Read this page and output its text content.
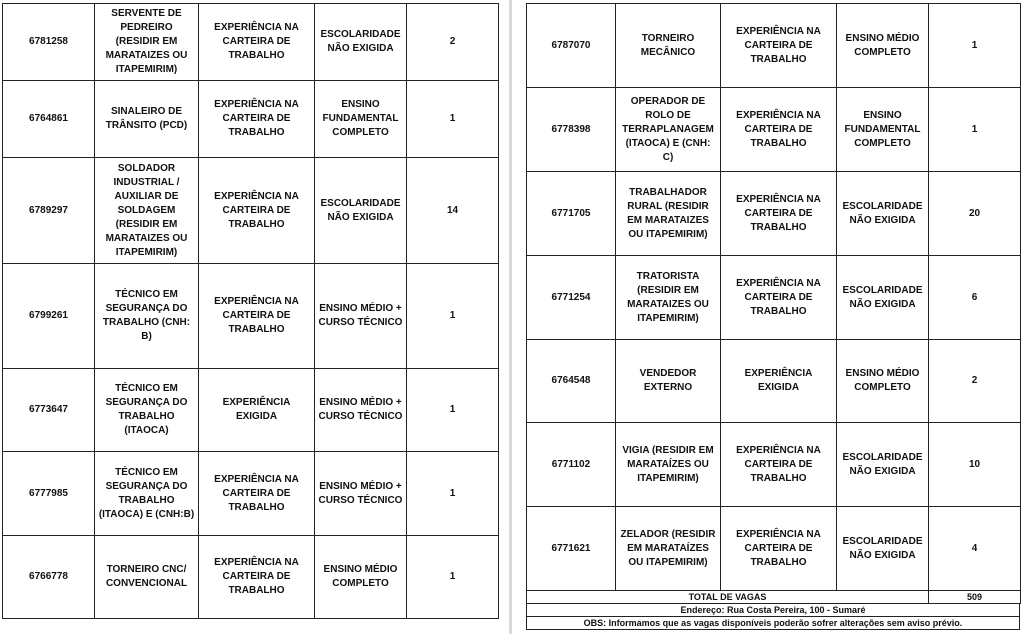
6781258	SERVENTE DE PEDREIRO (RESIDIR EM MARATAIZES OU ITAPEMIRIM)	EXPERIÊNCIA NA CARTEIRA DE TRABALHO	ESCOLARIDADE NÃO EXIGIDA	2
6764861	SINALEIRO DE TRÂNSITO (PCD)	EXPERIÊNCIA NA CARTEIRA DE TRABALHO	ENSINO FUNDAMENTAL COMPLETO	1
6789297	SOLDADOR INDUSTRIAL / AUXILIAR DE SOLDAGEM (RESIDIR EM MARATAIZES OU ITAPEMIRIM)	EXPERIÊNCIA NA CARTEIRA DE TRABALHO	ESCOLARIDADE NÃO EXIGIDA	14
6799261	TÉCNICO EM SEGURANÇA DO TRABALHO (CNH: B)	EXPERIÊNCIA NA CARTEIRA DE TRABALHO	ENSINO MÉDIO + CURSO TÉCNICO	1
6773647	TÉCNICO EM SEGURANÇA DO TRABALHO (ITAOCA)	EXPERIÊNCIA EXIGIDA	ENSINO MÉDIO + CURSO TÉCNICO	1
6777985	TÉCNICO EM SEGURANÇA DO TRABALHO (ITAOCA) E (CNH:B)	EXPERIÊNCIA NA CARTEIRA DE TRABALHO	ENSINO MÉDIO + CURSO TÉCNICO	1
6766778	TORNEIRO CNC/ CONVENCIONAL	EXPERIÊNCIA NA CARTEIRA DE TRABALHO	ENSINO MÉDIO COMPLETO	1
6787070	TORNEIRO MECÂNICO	EXPERIÊNCIA NA CARTEIRA DE TRABALHO	ENSINO MÉDIO COMPLETO	1
6778398	OPERADOR DE ROLO DE TERRAPLANAGEM (ITAOCA) E (CNH: C)	EXPERIÊNCIA NA CARTEIRA DE TRABALHO	ENSINO FUNDAMENTAL COMPLETO	1
6771705	TRABALHADOR RURAL (RESIDIR EM MARATAIZES OU ITAPEMIRIM)	EXPERIÊNCIA NA CARTEIRA DE TRABALHO	ESCOLARIDADE NÃO EXIGIDA	20
6771254	TRATORISTA (RESIDIR EM MARATAIZES OU ITAPEMIRIM)	EXPERIÊNCIA NA CARTEIRA DE TRABALHO	ESCOLARIDADE NÃO EXIGIDA	6
6764548	VENDEDOR EXTERNO	EXPERIÊNCIA EXIGIDA	ENSINO MÉDIO COMPLETO	2
6771102	VIGIA (RESIDIR EM MARATAÍZES OU ITAPEMIRIM)	EXPERIÊNCIA NA CARTEIRA DE TRABALHO	ESCOLARIDADE NÃO EXIGIDA	10
6771621	ZELADOR (RESIDIR EM MARATAÍZES OU ITAPEMIRIM)	EXPERIÊNCIA NA CARTEIRA DE TRABALHO	ESCOLARIDADE NÃO EXIGIDA	4
TOTAL DE VAGAS	509
Endereço: Rua Costa Pereira, 100 - Sumaré
OBS: Informamos que as vagas disponíveis poderão sofrer alterações sem aviso prévio.
